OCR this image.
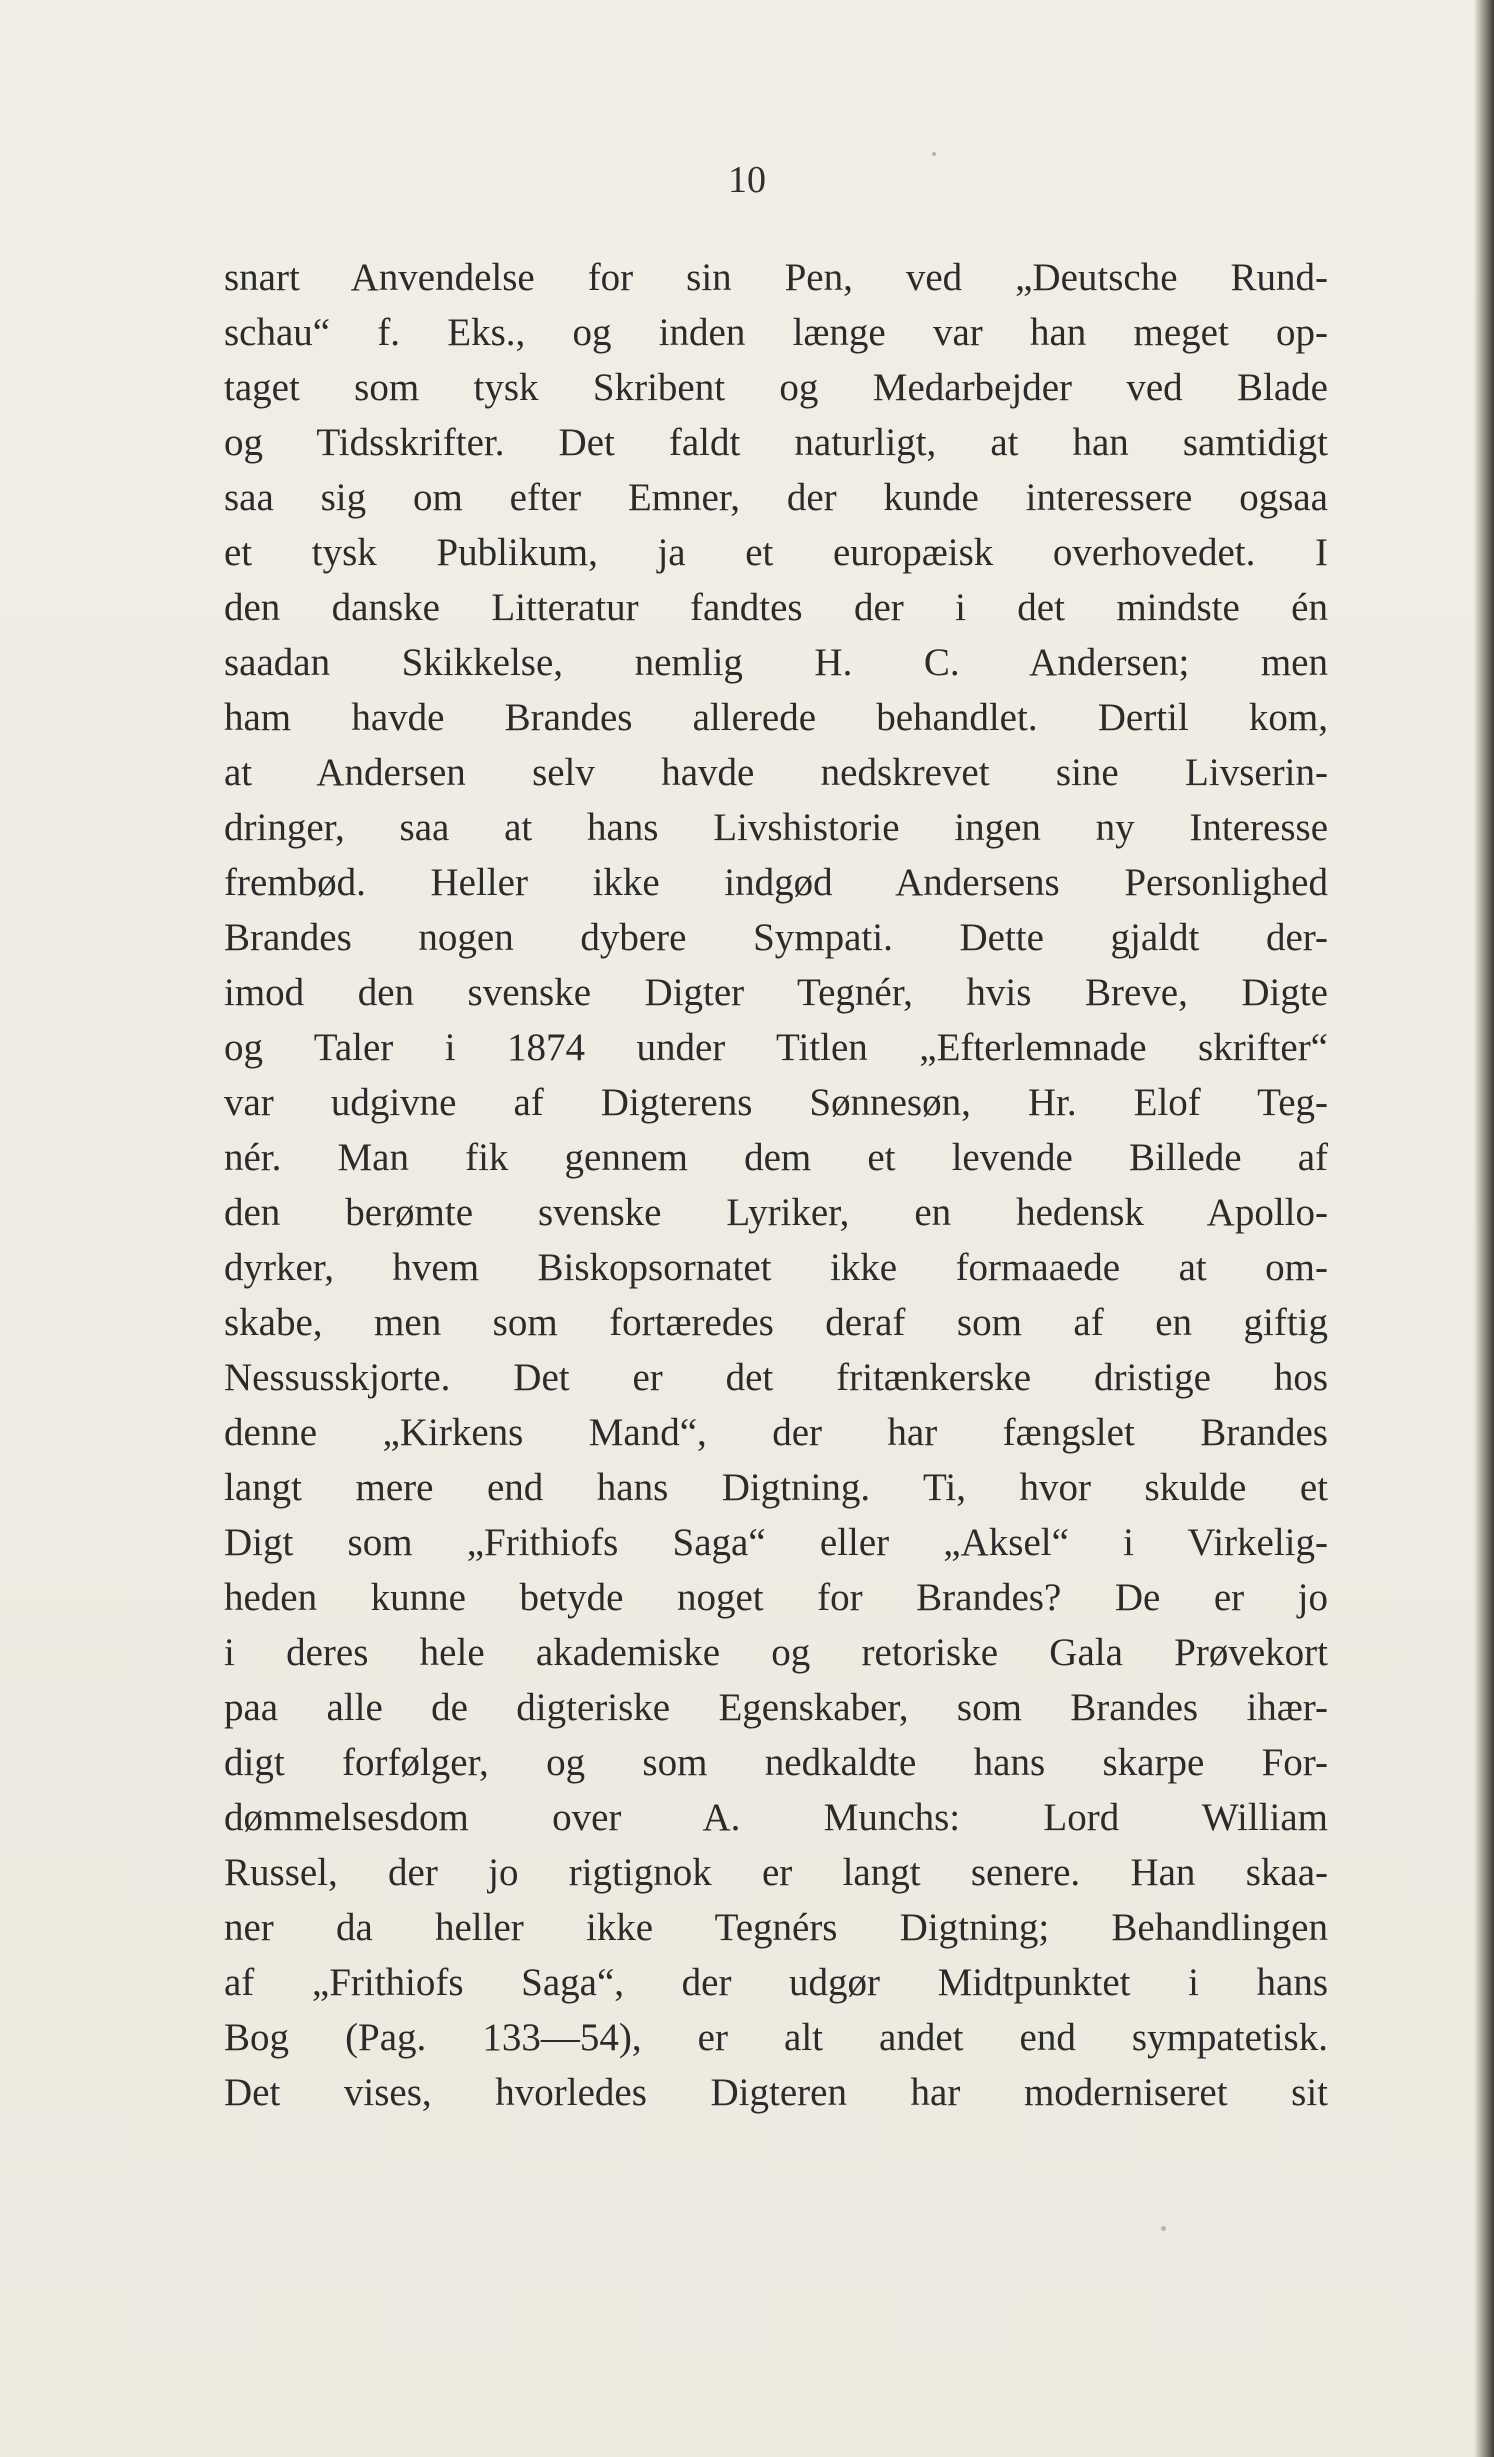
10
snart Anvendelse for sin Pen, ved „Deutsche Rund-
schau“ f. Eks., og inden længe var han meget op-
taget som tysk Skribent og Medarbejder ved Blade
og Tidsskrifter. Det faldt naturligt, at han samtidigt
saa sig om efter Emner, der kunde interessere ogsaa
et tysk Publikum, ja et europæisk overhovedet. I
den danske Litteratur fandtes der i det mindste én
saadan Skikkelse, nemlig H. C. Andersen; men
ham havde Brandes allerede behandlet. Dertil kom,
at Andersen selv havde nedskrevet sine Livserin-
dringer, saa at hans Livshistorie ingen ny Interesse
frembød. Heller ikke indgød Andersens Personlighed
Brandes nogen dybere Sympati. Dette gjaldt der-
imod den svenske Digter Tegnér, hvis Breve, Digte
og Taler i 1874 under Titlen „Efterlemnade skrifter“
var udgivne af Digterens Sønnesøn, Hr. Elof Teg-
nér. Man fik gennem dem et levende Billede af
den berømte svenske Lyriker, en hedensk Apollo-
dyrker, hvem Biskopsornatet ikke formaaede at om-
skabe, men som fortæredes deraf som af en giftig
Nessusskjorte. Det er det fritænkerske dristige hos
denne „Kirkens Mand“, der har fængslet Brandes
langt mere end hans Digtning. Ti, hvor skulde et
Digt som „Frithiofs Saga“ eller „Aksel“ i Virkelig-
heden kunne betyde noget for Brandes? De er jo
i deres hele akademiske og retoriske Gala Prøvekort
paa alle de digteriske Egenskaber, som Brandes ihær-
digt forfølger, og som nedkaldte hans skarpe For-
dømmelsesdom over A. Munchs: Lord William
Russel, der jo rigtignok er langt senere. Han skaa-
ner da heller ikke Tegnérs Digtning; Behandlingen
af „Frithiofs Saga“, der udgør Midtpunktet i hans
Bog (Pag. 133—54), er alt andet end sympatetisk.
Det vises, hvorledes Digteren har moderniseret sit
